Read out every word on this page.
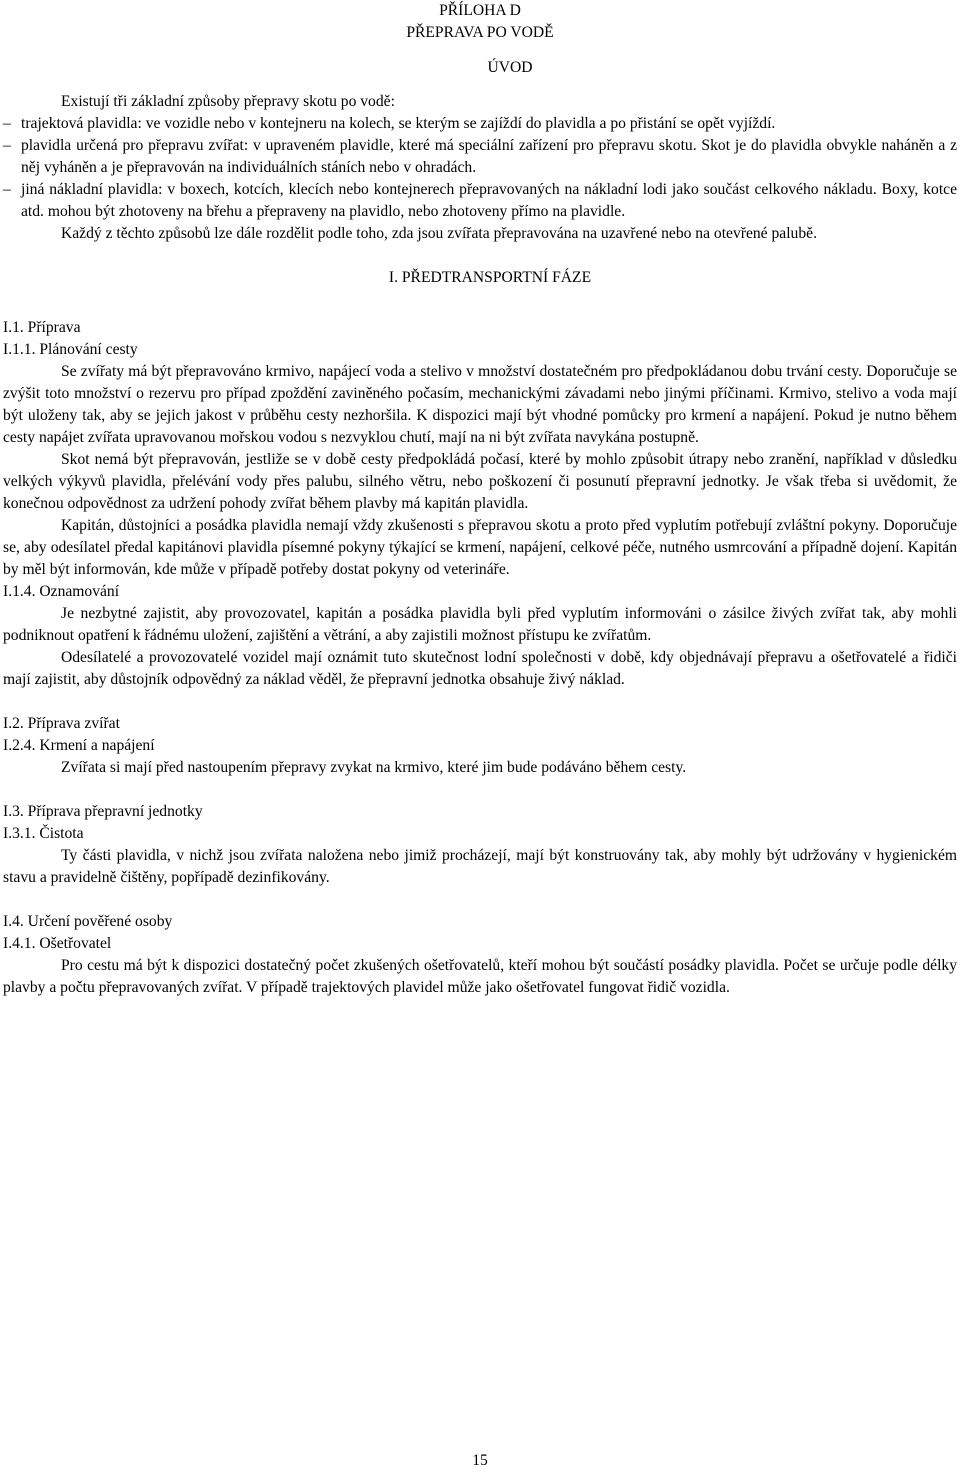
PŘÍLOHA D

PŘEPRAVA PO VODĚ

ÚVOD

Existují tři základní způsoby přepravy skotu po vodě:

– trajektová plavidla: ve vozidle nebo v kontejneru na kolech, se kterým se zajíždí do plavidla a po přistání se opět vyjíždí.

– plavidla určená pro přepravu zvířat: v upraveném plavidle, které má speciální zařízení pro přepravu skotu. Skot je do plavidla obvykle naháněn a z něj vyháněn a je přepravován na individuálních stáních nebo v ohradách.

– jiná nákladní plavidla: v boxech, kotcích, klecích nebo kontejnerech přepravovaných na nákladní lodi jako součást celkového nákladu. Boxy, kotce atd. mohou být zhotoveny na břehu a přepraveny na plavidlo, nebo zhotoveny přímo na plavidle.

Každý z těchto způsobů lze dále rozdělit podle toho, zda jsou zvířata přepravována na uzavřené nebo na otevřené palubě.

I. PŘEDTRANSPORTNÍ FÁZE

I.1. Příprava

I.1.1. Plánování cesty

Se zvířaty má být přepravováno krmivo, napájecí voda a stelivo v množství dostatečném pro předpokládanou dobu trvání cesty. Doporučuje se zvýšit toto množství o rezervu pro případ zpoždění zaviněného počasím, mechanickými závadami nebo jinými příčinami. Krmivo, stelivo a voda mají být uloženy tak, aby se jejich jakost v průběhu cesty nezhoršila. K dispozici mají být vhodné pomůcky pro krmení a napájení. Pokud je nutno během cesty napájet zvířata upravovanou mořskou vodou s nezvyklou chutí, mají na ni být zvířata navykána postupně.

Skot nemá být přepravován, jestliže se v době cesty předpokládá počasí, které by mohlo způsobit útrapy nebo zranění, například v důsledku velkých výkyvů plavidla, přelévání vody přes palubu, silného větru, nebo poškození či posunutí přepravní jednotky. Je však třeba si uvědomit, že konečnou odpovědnost za udržení pohody zvířat během plavby má kapitán plavidla.

Kapitán, důstojníci a posádka plavidla nemají vždy zkušenosti s přepravou skotu a proto před vyplutím potřebují zvláštní pokyny. Doporučuje se, aby odesílatel předal kapitánovi plavidla písemné pokyny týkající se krmení, napájení, celkové péče, nutného usmrcování a případně dojení. Kapitán by měl být informován, kde může v případě potřeby dostat pokyny od veterináře.

I.1.4. Oznamování

Je nezbytné zajistit, aby provozovatel, kapitán a posádka plavidla byli před vyplutím informováni o zásilce živých zvířat tak, aby mohli podniknout opatření k řádnému uložení, zajištění a větrání, a aby zajistili možnost přístupu ke zvířatům.

Odesílatelé a provozovatelé vozidel mají oznámit tuto skutečnost lodní společnosti v době, kdy objednávají přepravu a ošetřovatelé a řidiči mají zajistit, aby důstojník odpovědný za náklad věděl, že přepravní jednotka obsahuje živý náklad.

I.2. Příprava zvířat

I.2.4. Krmení a napájení

Zvířata si mají před nastoupením přepravy zvykat na krmivo, které jim bude podáváno během cesty.

I.3. Příprava přepravní jednotky

I.3.1. Čistota

Ty části plavidla, v nichž jsou zvířata naložena nebo jimiž procházejí, mají být konstruovány tak, aby mohly být udržovány v hygienickém stavu a pravidelně čištěny, popřípadě dezinfikovány.

I.4. Určení pověřené osoby

I.4.1. Ošetřovatel

Pro cestu má být k dispozici dostatečný počet zkušených ošetřovatelů, kteří mohou být součástí posádky plavidla. Počet se určuje podle délky plavby a počtu přepravovaných zvířat. V případě trajektových plavidel může jako ošetřovatel fungovat řidič vozidla.

15
